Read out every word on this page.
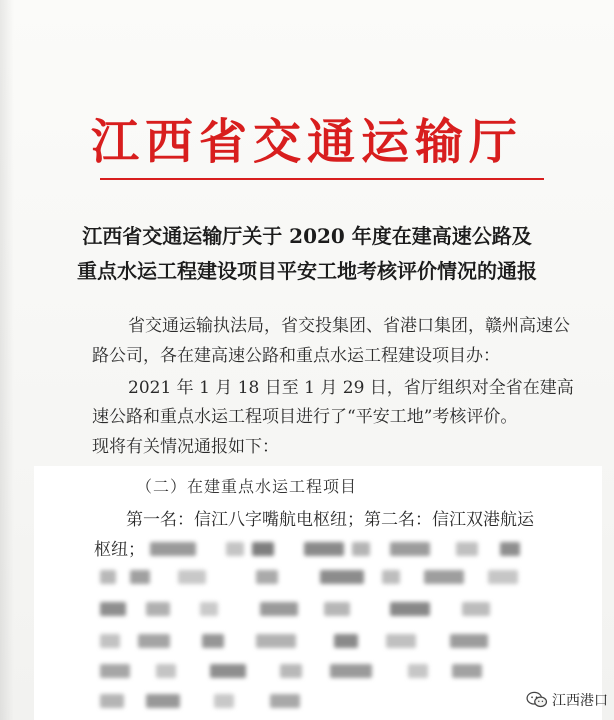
江西省交通运输厅
江西省交通运输厅关于 2020 年度在建高速公路及
重点水运工程建设项目平安工地考核评价情况的通报
省交通运输执法局，省交投集团、省港口集团，赣州高速公
路公司，各在建高速公路和重点水运工程建设项目办：
2021 年 1 月 18 日至 1 月 29 日，省厅组织对全省在建高
速公路和重点水运工程项目进行了“平安工地”考核评价。
现将有关情况通报如下：
（二）在建重点水运工程项目
第一名：信江八字嘴航电枢纽；第二名：信江双港航运
枢纽；
江西港口
